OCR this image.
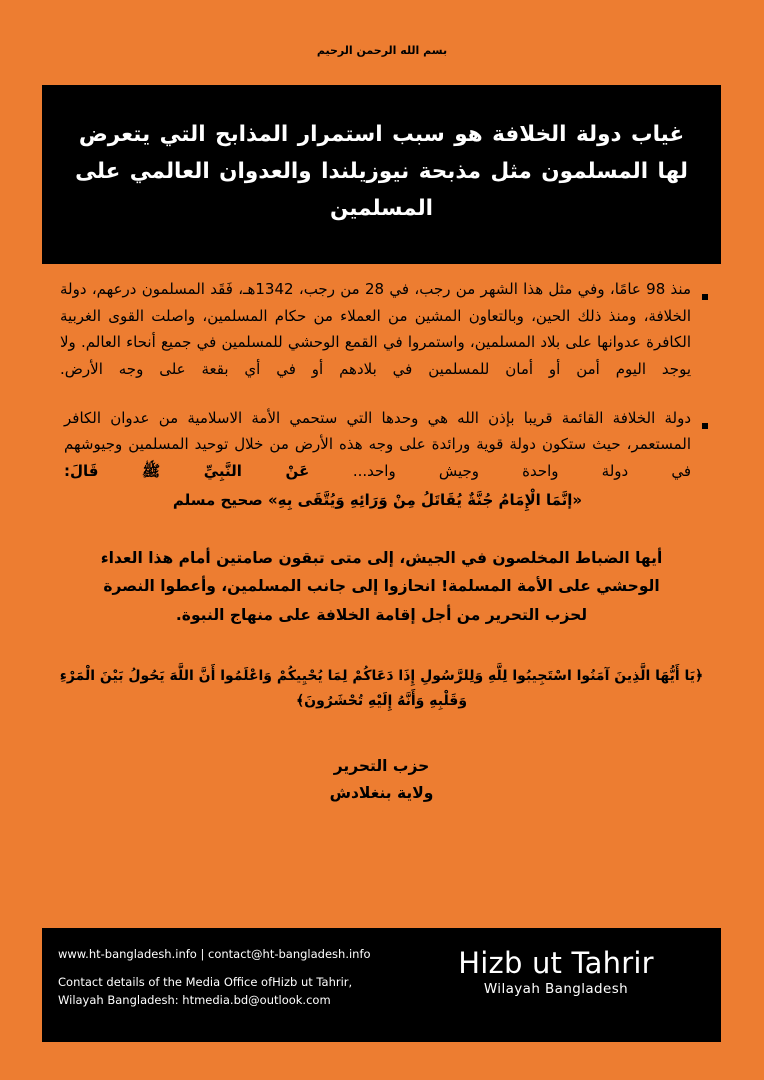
بسم الله الرحمن الرحيم
غياب دولة الخلافة هو سبب استمرار المذابح التي يتعرض لها المسلمون مثل مذبحة نيوزيلندا والعدوان العالمي على المسلمين
منذ 98 عامًا، وفي مثل هذا الشهر من رجب، في 28 من رجب، 1342هـ، فَقَد المسلمون درعهم، دولة الخلافة، ومنذ ذلك الحين، وبالتعاون المشين من العملاء من حكام المسلمين، واصلت القوى الغربية الكافرة عدوانها على بلاد المسلمين، واستمروا في القمع الوحشي للمسلمين في جميع أنحاء العالم. ولا يوجد اليوم أمن أو أمان للمسلمين في بلادهم أو في أي بقعة على وجه الأرض.
دولة الخلافة القائمة قريبا بإذن الله هي وحدها التي ستحمي الأمة الاسلامية من عدوان الكافر المستعمر، حيث ستكون دولة قوية ورائدة على وجه هذه الأرض من خلال توحيد المسلمين وجيوشهم في دولة واحدة وجيش واحد... عَنْ النَّبِيِّ ﷺ قَالَ:
«إنَّمَا الْإِمَامُ جُنَّةٌ يُقَاتَلُ مِنْ وَرَائِهِ وَيُتَّقَى بِهِ» صحيح مسلم
أيها الضباط المخلصون في الجيش، إلى متى تبقون صامتين أمام هذا العداء الوحشي على الأمة المسلمة! انحازوا إلى جانب المسلمين، وأعطوا النصرة لحزب التحرير من أجل إقامة الخلافة على منهاج النبوة.
﴿يَا أَيُّهَا الَّذِينَ آمَنُوا اسْتَجِيبُوا لِلَّهِ وَلِلرَّسُولِ إِذَا دَعَاكُمْ لِمَا يُحْيِيكُمْ وَاعْلَمُوا أَنَّ اللَّهَ يَحُولُ بَيْنَ الْمَرْءِ وَقَلْبِهِ وَأَنَّهُ إِلَيْهِ تُحْشَرُونَ﴾
حزب التحرير
ولاية بنغلادش
www.ht-bangladesh.info | contact@ht-bangladesh.info
Contact details of the Media Office ofHizb ut Tahrir,
Wilayah Bangladesh: htmedia.bd@outlook.com
Hizb ut Tahrir
Wilayah Bangladesh
